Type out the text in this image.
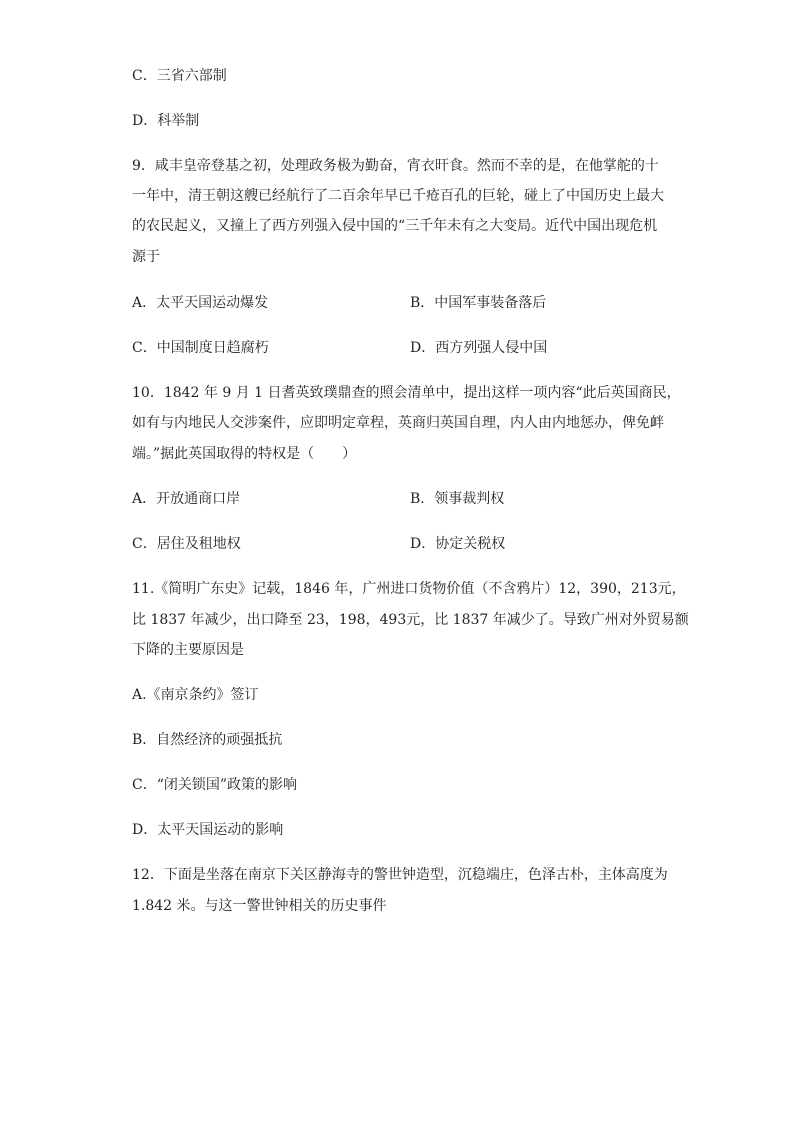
C．三省六部制
D．科举制
9．咸丰皇帝登基之初，处理政务极为勤奋，宵衣旰食。然而不幸的是，在他掌舵的十
一年中，清王朝这艘已经航行了二百余年早已千疮百孔的巨轮，碰上了中国历史上最大
的农民起义，又撞上了西方列强入侵中国的“三千年未有之大变局。近代中国出现危机
源于
A．太平天国运动爆发	B．中国军事装备落后
C．中国制度日趋腐朽	D．西方列强人侵中国
10．1842 年 9 月 1 日耆英致璞鼎查的照会清单中，提出这样一项内容“此后英国商民，
如有与内地民人交涉案件，应即明定章程，英商归英国自理，内人由内地惩办，俾免衅
端。”据此英国取得的特权是（　　）
A．开放通商口岸	B．领事裁判权
C．居住及租地权	D．协定关税权
11.《简明广东史》记载，1846 年，广州进口货物价值（不含鸦片）12，390，213元，
比 1837 年减少，出口降至 23，198，493元，比 1837 年减少了。导致广州对外贸易额
下降的主要原因是
A.《南京条约》签订
B．自然经济的顽强抵抗
C．“闭关锁国”政策的影响
D．太平天国运动的影响
12．下面是坐落在南京下关区静海寺的警世钟造型，沉稳端庄，色泽古朴，主体高度为
1.842 米。与这一警世钟相关的历史事件
